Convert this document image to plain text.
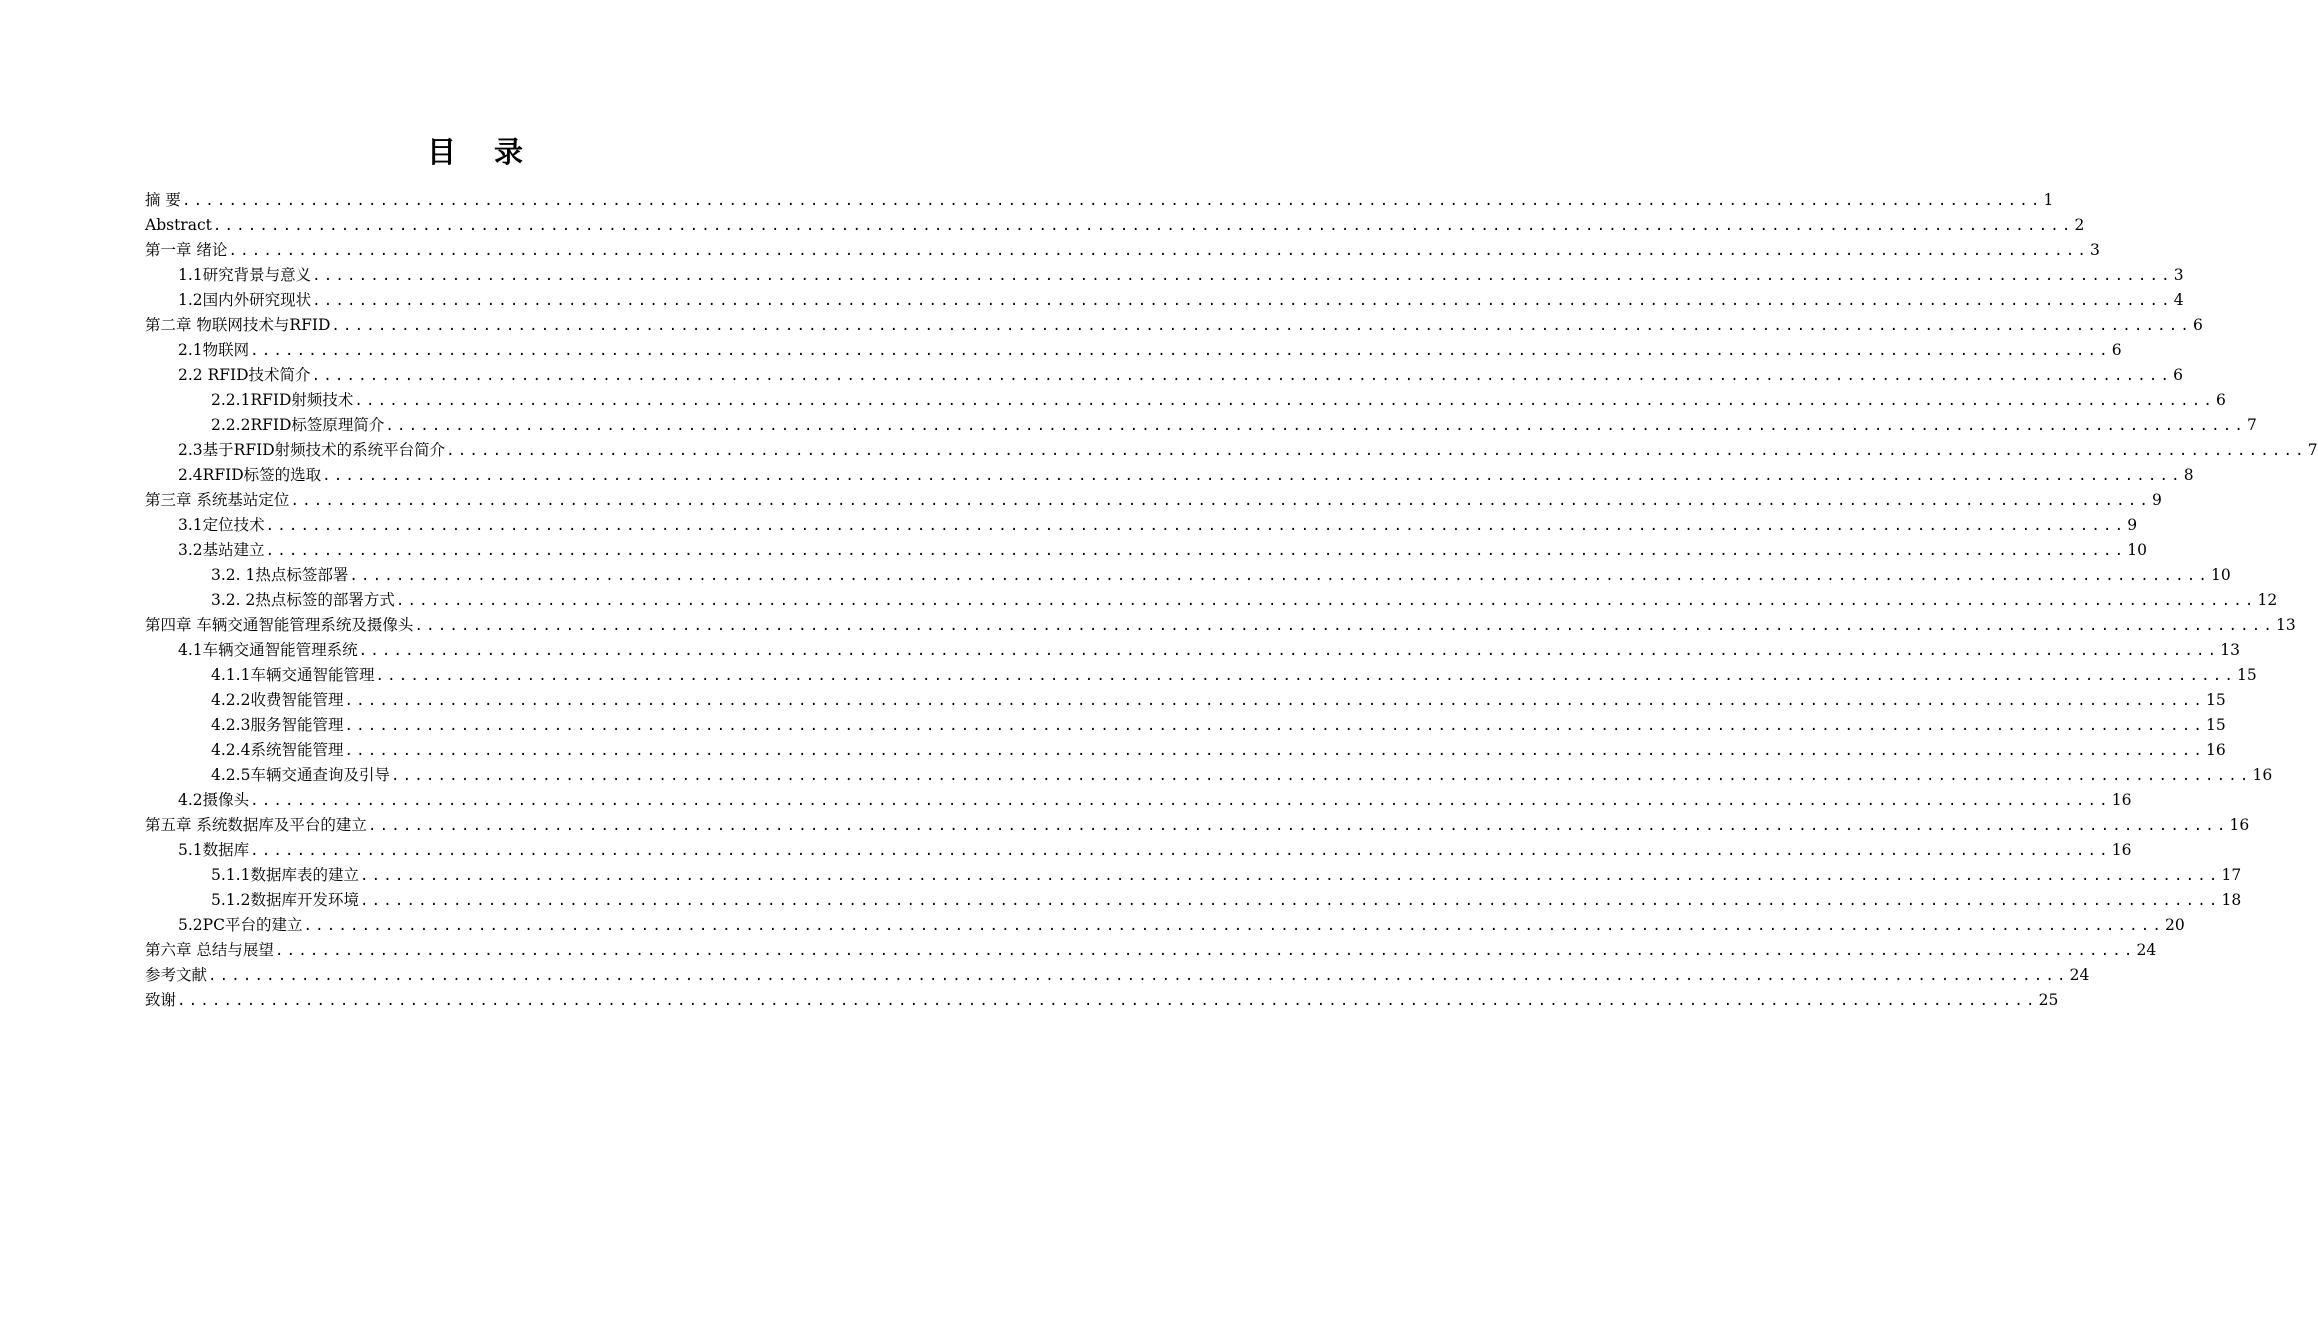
目 录
摘 要 ................................................................................................................................................................ 1
Abstract ................................................................................................................................................................ 2
第一章 绪论 ................................................................................................................................................................ 3
1.1研究背景与意义 ................................................................................................................................................................ 3
1.2国内外研究现状 ................................................................................................................................................................ 4
第二章 物联网技术与RFID ................................................................................................................................................................ 6
2.1物联网 ................................................................................................................................................................ 6
2.2 RFID技术简介 ................................................................................................................................................................ 6
2.2.1RFID射频技术 ................................................................................................................................................................ 6
2.2.2RFID标签原理简介 ................................................................................................................................................................ 7
2.3基于RFID射频技术的系统平台简介 ................................................................................................................................................................ 7
2.4RFID标签的选取 ................................................................................................................................................................ 8
第三章 系统基站定位 ................................................................................................................................................................ 9
3.1定位技术 ................................................................................................................................................................ 9
3.2基站建立 ................................................................................................................................................................ 10
3.2. 1热点标签部署 ................................................................................................................................................................ 10
3.2. 2热点标签的部署方式 ................................................................................................................................................................ 12
第四章 车辆交通智能管理系统及摄像头 ................................................................................................................................................................ 13
4.1车辆交通智能管理系统 ................................................................................................................................................................ 13
4.1.1车辆交通智能管理 ................................................................................................................................................................ 15
4.2.2收费智能管理 ................................................................................................................................................................ 15
4.2.3服务智能管理 ................................................................................................................................................................ 15
4.2.4系统智能管理 ................................................................................................................................................................ 16
4.2.5车辆交通查询及引导 ................................................................................................................................................................ 16
4.2摄像头 ................................................................................................................................................................ 16
第五章 系统数据库及平台的建立 ................................................................................................................................................................ 16
5.1数据库 ................................................................................................................................................................ 16
5.1.1数据库表的建立 ................................................................................................................................................................ 17
5.1.2数据库开发环境 ................................................................................................................................................................ 18
5.2PC平台的建立 ................................................................................................................................................................ 20
第六章 总结与展望 ................................................................................................................................................................ 24
参考文献 ................................................................................................................................................................ 24
致谢 ................................................................................................................................................................ 25
